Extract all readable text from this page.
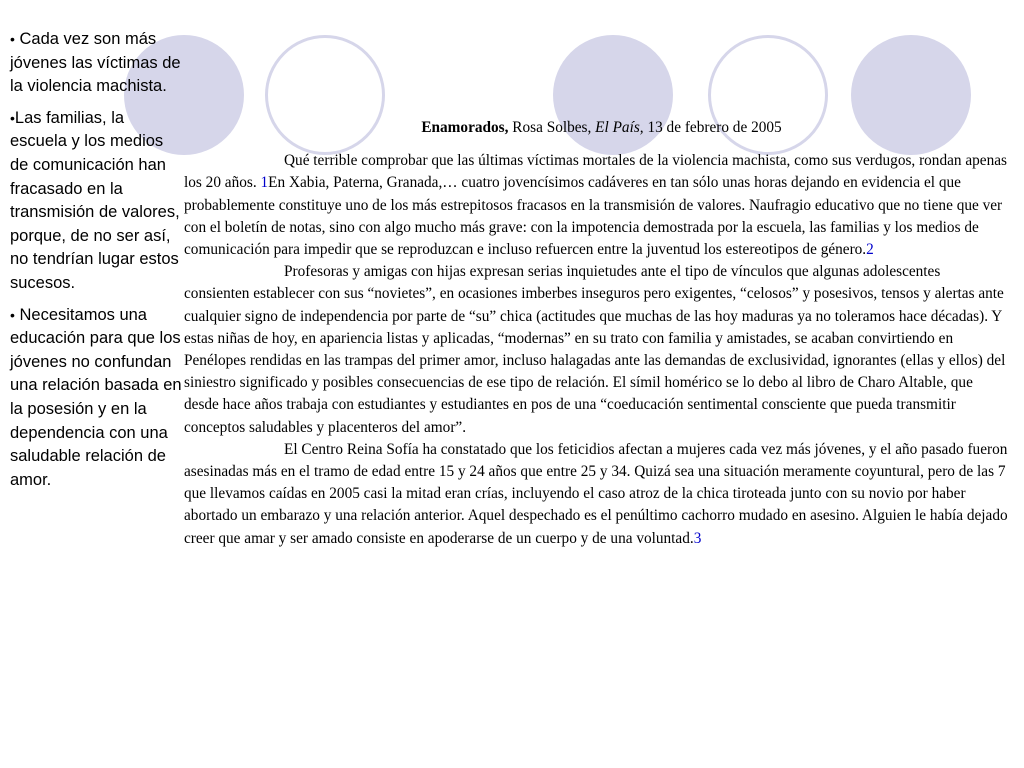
• Cada vez son más jóvenes las víctimas de la violencia machista.
•Las familias, la escuela y los medios de comunicación han fracasado en la transmisión de valores, porque, de no ser así, no tendrían lugar estos sucesos.
• Necesitamos una educación para que los jóvenes no confundan una relación basada en la posesión y en la dependencia con una saludable relación de amor.
Enamorados, Rosa Solbes, El País, 13 de febrero de 2005

Qué terrible comprobar que las últimas víctimas mortales de la violencia machista, como sus verdugos, rondan apenas los 20 años. 1En Xabia, Paterna, Granada,… cuatro jovencísimos cadáveres en tan sólo unas horas dejando en evidencia el que probablemente constituye uno de los más estrepitosos fracasos en la transmisión de valores. Naufragio educativo que no tiene que ver con el boletín de notas, sino con algo mucho más grave: con la impotencia demostrada por la escuela, las familias y los medios de comunicación para impedir que se reproduzcan e incluso refuercen entre la juventud los estereotipos de género.2

Profesoras y amigas con hijas expresan serias inquietudes ante el tipo de vínculos que algunas adolescentes consienten establecer con sus “novietes”, en ocasiones imberbes inseguros pero exigentes, “celosos” y posesivos, tensos y alertas ante cualquier signo de independencia por parte de “su” chica (actitudes que muchas de las hoy maduras ya no toleramos hace décadas). Y estas niñas de hoy, en apariencia listas y aplicadas, “modernas” en su trato con familia y amistades, se acaban convirtiendo en Penélopes rendidas en las trampas del primer amor, incluso halagadas ante las demandas de exclusividad, ignorantes (ellas y ellos) del siniestro significado y posibles consecuencias de ese tipo de relación. El símil homérico se lo debo al libro de Charo Altable, que desde hace años trabaja con estudiantes y estudiantes en pos de una “coeducación sentimental consciente que pueda transmitir conceptos saludables y placenteros del amor”.

El Centro Reina Sofía ha constatado que los feticidios afectan a mujeres cada vez más jóvenes, y el año pasado fueron asesinadas más en el tramo de edad entre 15 y 24 años que entre 25 y 34. Quizá sea una situación meramente coyuntural, pero de las 7 que llevamos caídas en 2005 casi la mitad eran crías, incluyendo el caso atroz de la chica tiroteada junto con su novio por haber abortado un embarazo y una relación anterior. Aquel despechado es el penúltimo cachorro mudado en asesino. Alguien le había dejado creer que amar y ser amado consiste en apoderarse de un cuerpo y de una voluntad.3
